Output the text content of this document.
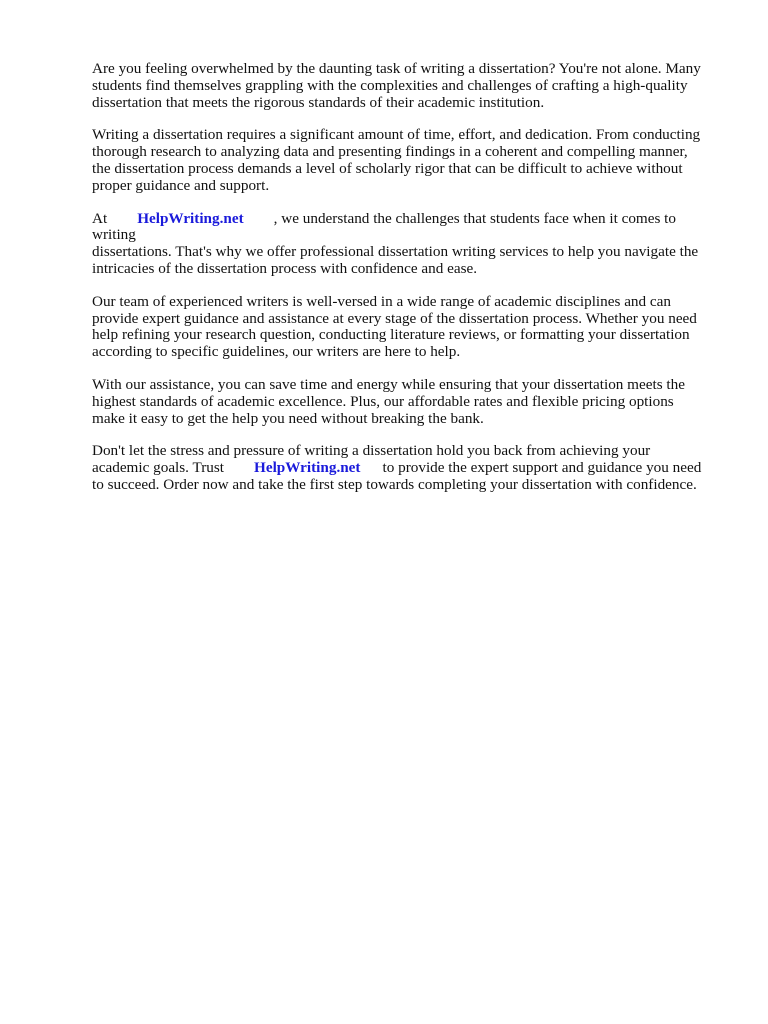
Are you feeling overwhelmed by the daunting task of writing a dissertation? You're not alone. Many
students find themselves grappling with the complexities and challenges of crafting a high-quality
dissertation that meets the rigorous standards of their academic institution.

Writing a dissertation requires a significant amount of time, effort, and dedication. From conducting
thorough research to analyzing data and presenting findings in a coherent and compelling manner,
the dissertation process demands a level of scholarly rigor that can be difficult to achieve without
proper guidance and support.

At HelpWriting.net , we understand the challenges that students face when it comes to writing
dissertations. That's why we offer professional dissertation writing services to help you navigate the
intricacies of the dissertation process with confidence and ease.

Our team of experienced writers is well-versed in a wide range of academic disciplines and can
provide expert guidance and assistance at every stage of the dissertation process. Whether you need
help refining your research question, conducting literature reviews, or formatting your dissertation
according to specific guidelines, our writers are here to help.

With our assistance, you can save time and energy while ensuring that your dissertation meets the
highest standards of academic excellence. Plus, our affordable rates and flexible pricing options
make it easy to get the help you need without breaking the bank.

Don't let the stress and pressure of writing a dissertation hold you back from achieving your
academic goals. Trust HelpWriting.net to provide the expert support and guidance you need
to succeed. Order now and take the first step towards completing your dissertation with confidence.
